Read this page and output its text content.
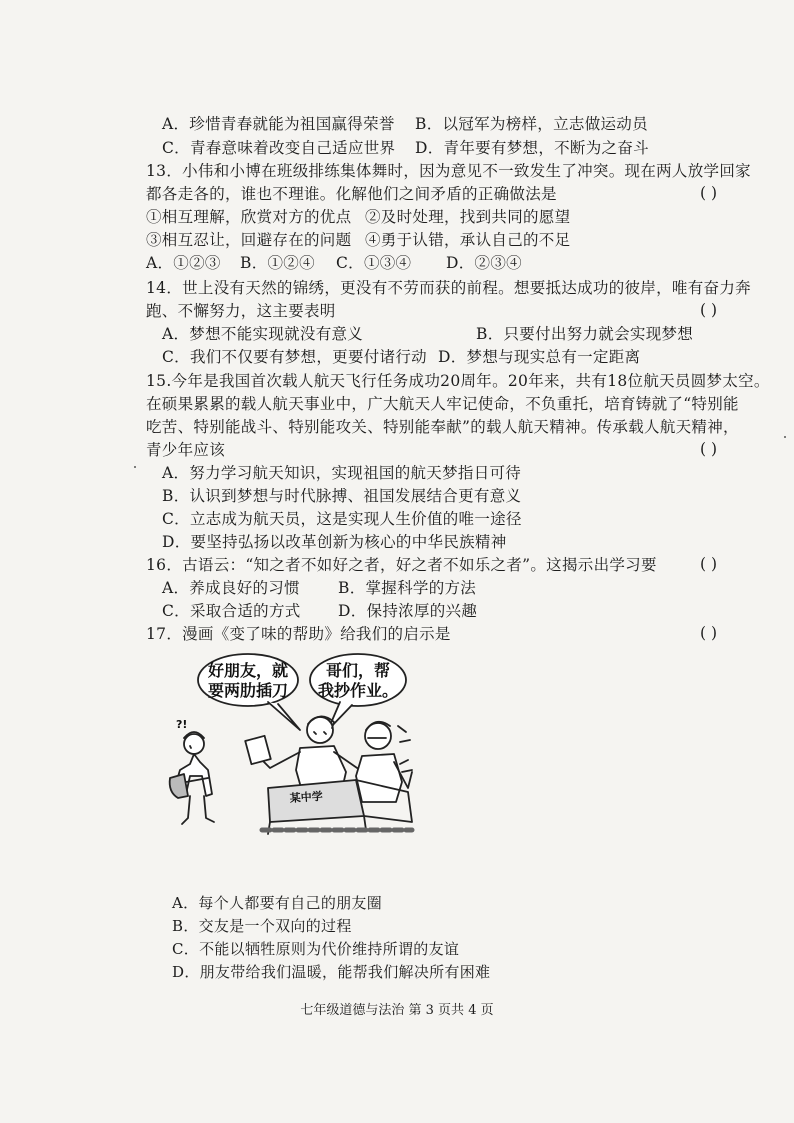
A．珍惜青春就能为祖国赢得荣誉 B．以冠军为榜样，立志做运动员
C．青春意味着改变自己适应世界 D．青年要有梦想，不断为之奋斗
13．小伟和小博在班级排练集体舞时，因为意见不一致发生了冲突。现在两人放学回家
都各走各的，谁也不理谁。化解他们之间矛盾的正确做法是	( )
①相互理解，欣赏对方的优点 ②及时处理，找到共同的愿望
③相互忍让，回避存在的问题 ④勇于认错，承认自己的不足
A．①②③ B．①②④ C．①③④ D．②③④
14．世上没有天然的锦绣，更没有不劳而获的前程。想要抵达成功的彼岸，唯有奋力奔
跑、不懈努力，这主要表明	( )
A．梦想不能实现就没有意义	B．只要付出努力就会实现梦想
C．我们不仅要有梦想，更要付诸行动 D．梦想与现实总有一定距离
15.今年是我国首次载人航天飞行任务成功20周年。20年来，共有18位航天员圆梦太空。
在硕果累累的载人航天事业中，广大航天人牢记使命，不负重托，培育铸就了“特别能
吃苦、特别能战斗、特别能攻关、特别能奉献”的载人航天精神。传承载人航天精神，
青少年应该	( )
A．努力学习航天知识，实现祖国的航天梦指日可待
B．认识到梦想与时代脉搏、祖国发展结合更有意义
C．立志成为航天员，这是实现人生价值的唯一途径
D．要坚持弘扬以改革创新为核心的中华民族精神
16．古语云：“知之者不如好之者，好之者不如乐之者”。这揭示出学习要	( )
A．养成良好的习惯 B．掌握科学的方法
C．采取合适的方式 D．保持浓厚的兴趣
17．漫画《变了味的帮助》给我们的启示是	( )
好朋友，就
要两肋插刀
哥们，帮
我抄作业。
某中学
?!
A．每个人都要有自己的朋友圈
B．交友是一个双向的过程
C．不能以牺牲原则为代价维持所谓的友谊
D．朋友带给我们温暖，能帮我们解决所有困难
七年级道德与法治 第 3 页共 4 页
